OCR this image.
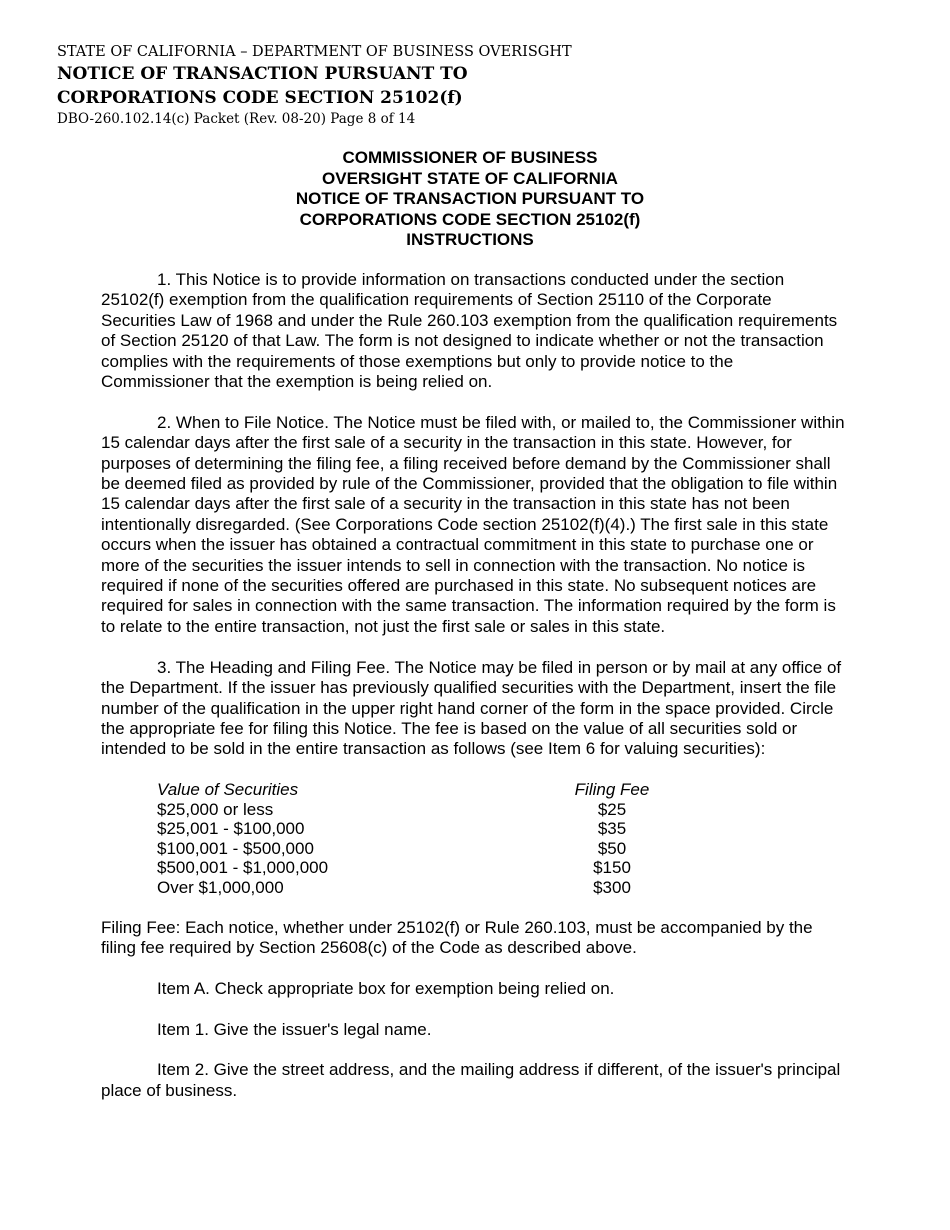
STATE OF CALIFORNIA – DEPARTMENT OF BUSINESS OVERISGHT
NOTICE OF TRANSACTION PURSUANT TO
CORPORATIONS CODE SECTION 25102(f)
DBO-260.102.14(c) Packet (Rev. 08-20) Page 8 of 14
COMMISSIONER OF BUSINESS
OVERSIGHT STATE OF CALIFORNIA
NOTICE OF TRANSACTION PURSUANT TO
CORPORATIONS CODE SECTION 25102(f)
INSTRUCTIONS

1. This Notice is to provide information on transactions conducted under the section 25102(f) exemption from the qualification requirements of Section 25110 of the Corporate Securities Law of 1968 and under the Rule 260.103 exemption from the qualification requirements of Section 25120 of that Law. The form is not designed to indicate whether or not the transaction complies with the requirements of those exemptions but only to provide notice to the Commissioner that the exemption is being relied on.

2. When to File Notice. The Notice must be filed with, or mailed to, the Commissioner within 15 calendar days after the first sale of a security in the transaction in this state. However, for purposes of determining the filing fee, a filing received before demand by the Commissioner shall be deemed filed as provided by rule of the Commissioner, provided that the obligation to file within 15 calendar days after the first sale of a security in the transaction in this state has not been intentionally disregarded. (See Corporations Code section 25102(f)(4).) The first sale in this state occurs when the issuer has obtained a contractual commitment in this state to purchase one or more of the securities the issuer intends to sell in connection with the transaction. No notice is required if none of the securities offered are purchased in this state. No subsequent notices are required for sales in connection with the same transaction. The information required by the form is to relate to the entire transaction, not just the first sale or sales in this state.

3. The Heading and Filing Fee. The Notice may be filed in person or by mail at any office of the Department. If the issuer has previously qualified securities with the Department, insert the file number of the qualification in the upper right hand corner of the form in the space provided. Circle the appropriate fee for filing this Notice. The fee is based on the value of all securities sold or intended to be sold in the entire transaction as follows (see Item 6 for valuing securities):

Value of Securities	Filing Fee
$25,000 or less	$25
$25,001 - $100,000	$35
$100,001 - $500,000	$50
$500,001 - $1,000,000	$150
Over $1,000,000	$300

Filing Fee: Each notice, whether under 25102(f) or Rule 260.103, must be accompanied by the filing fee required by Section 25608(c) of the Code as described above.

Item A. Check appropriate box for exemption being relied on.

Item 1. Give the issuer's legal name.

Item 2. Give the street address, and the mailing address if different, of the issuer's principal place of business.
